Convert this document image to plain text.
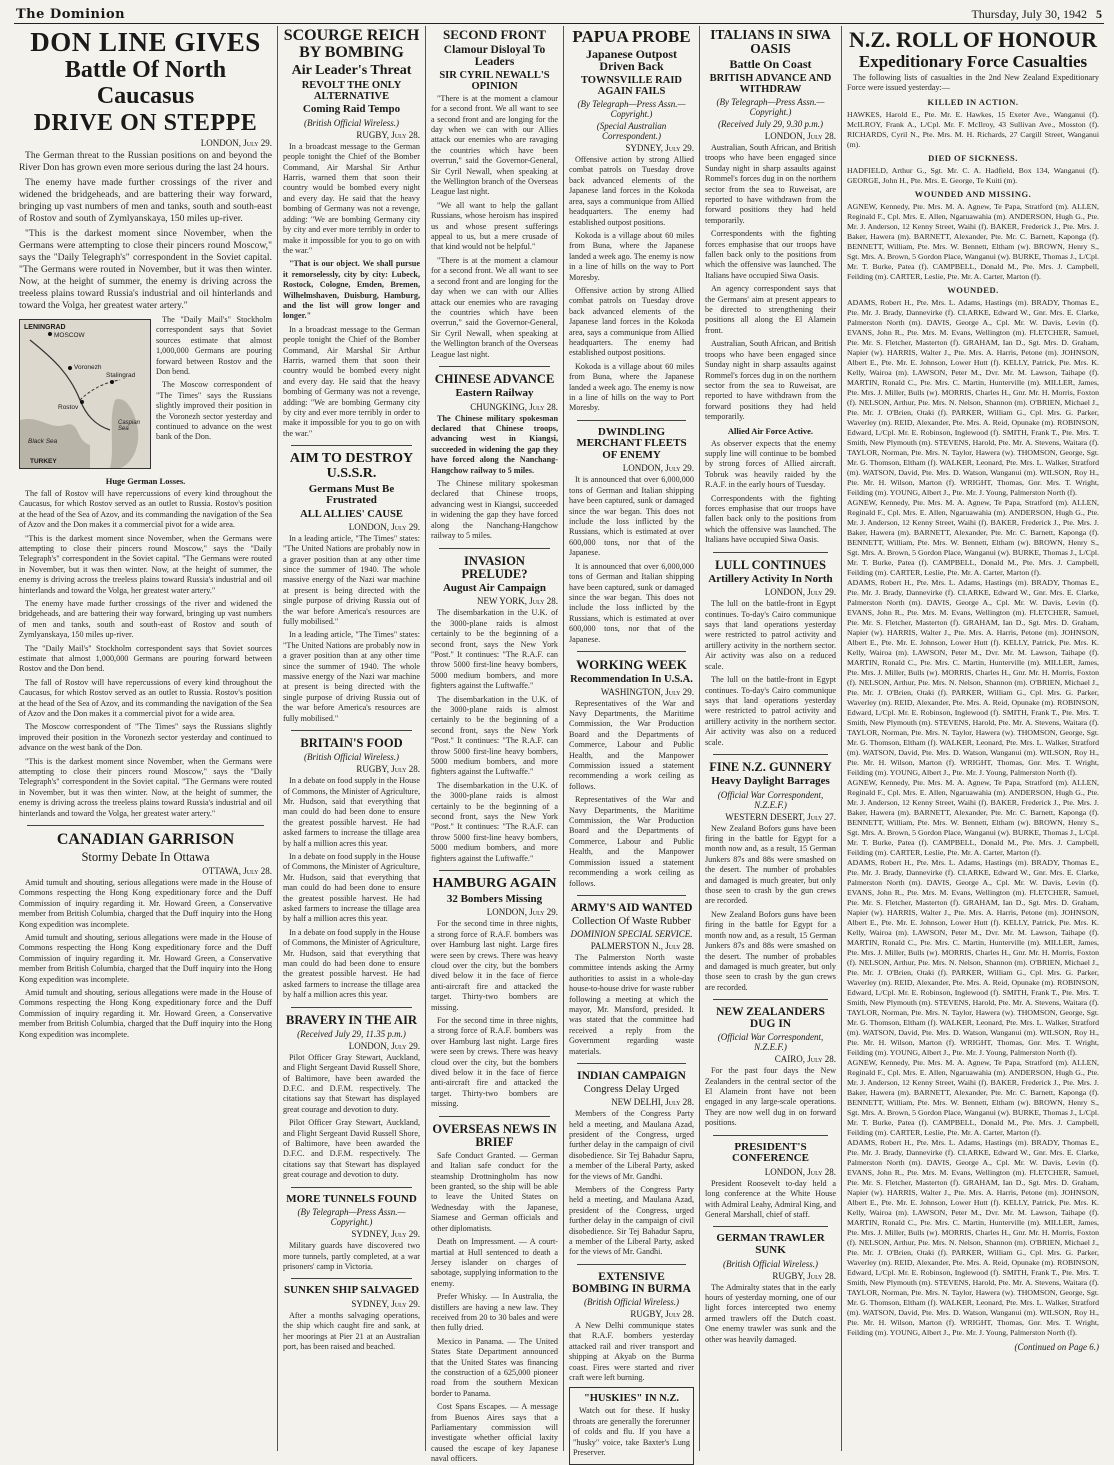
The Dominion	Thursday, July 30, 1942 5
DON LINE GIVES
Battle Of North Caucasus
DRIVE ON STEPPE
LONDON, July 29.

The German threat to the Russian positions on and beyond the River Don has grown even more serious during the last 24 hours.

The enemy have made further crossings of the river and widened the bridgeheads, and are battering their way forward, bringing up vast numbers of men and tanks, south and south-east of Rostov and south of Zymlyanskaya, 150 miles up-river.

"This is the darkest moment since November, when the Germans were attempting to close their pincers round Moscow," says the "Daily Telegraph's" correspondent in the Soviet capital. "The Germans were routed in November, but it was then winter. Now, at the height of summer, the enemy is driving across the treeless plains toward Russia's industrial and oil hinterlands and toward the Volga, her greatest water artery."

LENINGRAD
MOSCOW
Voronezh
Rostov
Stalingrad
Black Sea
Caspian Sea
TURKEY

The "Daily Mail's" Stockholm correspondent says that Soviet sources estimate that almost 1,000,000 Germans are pouring forward between Rostov and the Don bend.

The Moscow correspondent of "The Times" says the Russians slightly improved their position in the Voronezh sector yesterday and continued to advance on the west bank of the Don.

Huge German Losses.

The fall of Rostov will have repercussions of every kind throughout the Caucasus, for which Rostov served as an outlet to Russia. Rostov's position at the head of the Sea of Azov, and its commanding the navigation of the Sea of Azov and the Don makes it a commercial pivot for a wide area.

"This is the darkest moment since November, when the Germans were attempting to close their pincers round Moscow," says the "Daily Telegraph's" correspondent in the Soviet capital. "The Germans were routed in November, but it was then winter. Now, at the height of summer, the enemy is driving across the treeless plains toward Russia's industrial and oil hinterlands and toward the Volga, her greatest water artery."

The enemy have made further crossings of the river and widened the bridgeheads, and are battering their way forward, bringing up vast numbers of men and tanks, south and south-east of Rostov and south of Zymlyanskaya, 150 miles up-river.

The "Daily Mail's" Stockholm correspondent says that Soviet sources estimate that almost 1,000,000 Germans are pouring forward between Rostov and the Don bend.

The fall of Rostov will have repercussions of every kind throughout the Caucasus, for which Rostov served as an outlet to Russia. Rostov's position at the head of the Sea of Azov, and its commanding the navigation of the Sea of Azov and the Don makes it a commercial pivot for a wide area.

The Moscow correspondent of "The Times" says the Russians slightly improved their position in the Voronezh sector yesterday and continued to advance on the west bank of the Don.

"This is the darkest moment since November, when the Germans were attempting to close their pincers round Moscow," says the "Daily Telegraph's" correspondent in the Soviet capital. "The Germans were routed in November, but it was then winter. Now, at the height of summer, the enemy is driving across the treeless plains toward Russia's industrial and oil hinterlands and toward the Volga, her greatest water artery."

CANADIAN GARRISON
Stormy Debate In Ottawa
OTTAWA, July 28.

Amid tumult and shouting, serious allegations were made in the House of Commons respecting the Hong Kong expeditionary force and the Duff Commission of inquiry regarding it. Mr. Howard Green, a Conservative member from British Columbia, charged that the Duff inquiry into the Hong Kong expedition was incomplete.

Amid tumult and shouting, serious allegations were made in the House of Commons respecting the Hong Kong expeditionary force and the Duff Commission of inquiry regarding it. Mr. Howard Green, a Conservative member from British Columbia, charged that the Duff inquiry into the Hong Kong expedition was incomplete.

Amid tumult and shouting, serious allegations were made in the House of Commons respecting the Hong Kong expeditionary force and the Duff Commission of inquiry regarding it. Mr. Howard Green, a Conservative member from British Columbia, charged that the Duff inquiry into the Hong Kong expedition was incomplete.

SCOURGE REICH BY BOMBING
Air Leader's Threat
REVOLT THE ONLY ALTERNATIVE
Coming Raid Tempo
(British Official Wireless.)
RUGBY, July 28.

In a broadcast message to the German people tonight the Chief of the Bomber Command, Air Marshal Sir Arthur Harris, warned them that soon their country would be bombed every night and every day. He said that the heavy bombing of Germany was not a revenge, adding: "We are bombing Germany city by city and ever more terribly in order to make it impossible for you to go on with the war."

"That is our object. We shall pursue it remorselessly, city by city: Lubeck, Rostock, Cologne, Emden, Bremen, Wilhelmshaven, Duisburg, Hamburg, and the list will grow longer and longer."

In a broadcast message to the German people tonight the Chief of the Bomber Command, Air Marshal Sir Arthur Harris, warned them that soon their country would be bombed every night and every day. He said that the heavy bombing of Germany was not a revenge, adding: "We are bombing Germany city by city and ever more terribly in order to make it impossible for you to go on with the war."

AIM TO DESTROY U.S.S.R.
Germans Must Be Frustrated
ALL ALLIES' CAUSE
LONDON, July 29.

In a leading article, "The Times" states: "The United Nations are probably now in a graver position than at any other time since the summer of 1940. The whole massive energy of the Nazi war machine at present is being directed with the single purpose of driving Russia out of the war before America's resources are fully mobilised."

In a leading article, "The Times" states: "The United Nations are probably now in a graver position than at any other time since the summer of 1940. The whole massive energy of the Nazi war machine at present is being directed with the single purpose of driving Russia out of the war before America's resources are fully mobilised."

BRITAIN'S FOOD
(British Official Wireless.)
RUGBY, July 28.

In a debate on food supply in the House of Commons, the Minister of Agriculture, Mr. Hudson, said that everything that man could do had been done to ensure the greatest possible harvest. He had asked farmers to increase the tillage area by half a million acres this year.

In a debate on food supply in the House of Commons, the Minister of Agriculture, Mr. Hudson, said that everything that man could do had been done to ensure the greatest possible harvest. He had asked farmers to increase the tillage area by half a million acres this year.

In a debate on food supply in the House of Commons, the Minister of Agriculture, Mr. Hudson, said that everything that man could do had been done to ensure the greatest possible harvest. He had asked farmers to increase the tillage area by half a million acres this year.

BRAVERY IN THE AIR
(Received July 29, 11.35 p.m.)
LONDON, July 29.

Pilot Officer Gray Stewart, Auckland, and Flight Sergeant David Russell Shore, of Baltimore, have been awarded the D.F.C. and D.F.M. respectively. The citations say that Stewart has displayed great courage and devotion to duty.

Pilot Officer Gray Stewart, Auckland, and Flight Sergeant David Russell Shore, of Baltimore, have been awarded the D.F.C. and D.F.M. respectively. The citations say that Stewart has displayed great courage and devotion to duty.

MORE TUNNELS FOUND
(By Telegraph—Press Assn.—Copyright.)
SYDNEY, July 29.

Military guards have discovered two more tunnels, partly completed, at a war prisoners' camp in Victoria.

SUNKEN SHIP SALVAGED
SYDNEY, July 29.

After a months salvaging operations, the ship which caught fire and sank, at her moorings at Pier 21 at an Australian port, has been raised and beached.

SECOND FRONT
Clamour Disloyal To Leaders
SIR CYRIL NEWALL'S OPINION

"There is at the moment a clamour for a second front. We all want to see a second front and are longing for the day when we can with our Allies attack our enemies who are ravaging the countries which have been overrun," said the Governor-General, Sir Cyril Newall, when speaking at the Wellington branch of the Overseas League last night.

"We all want to help the gallant Russians, whose heroism has inspired us and whose present sufferings appeal to us, but a mere crusade of that kind would not be helpful."

"There is at the moment a clamour for a second front. We all want to see a second front and are longing for the day when we can with our Allies attack our enemies who are ravaging the countries which have been overrun," said the Governor-General, Sir Cyril Newall, when speaking at the Wellington branch of the Overseas League last night.

CHINESE ADVANCE
Eastern Railway
CHUNGKING, July 28.

The Chinese military spokesman declared that Chinese troops, advancing west in Kiangsi, succeeded in widening the gap they have forced along the Nanchang-Hangchow railway to 5 miles.

The Chinese military spokesman declared that Chinese troops, advancing west in Kiangsi, succeeded in widening the gap they have forced along the Nanchang-Hangchow railway to 5 miles.

INVASION PRELUDE?
August Air Campaign
NEW YORK, July 28.

The disembarkation in the U.K. of the 3000-plane raids is almost certainly to be the beginning of a second front, says the New York "Post." It continues: "The R.A.F. can throw 5000 first-line heavy bombers, 5000 medium bombers, and more fighters against the Luftwaffe."

The disembarkation in the U.K. of the 3000-plane raids is almost certainly to be the beginning of a second front, says the New York "Post." It continues: "The R.A.F. can throw 5000 first-line heavy bombers, 5000 medium bombers, and more fighters against the Luftwaffe."

The disembarkation in the U.K. of the 3000-plane raids is almost certainly to be the beginning of a second front, says the New York "Post." It continues: "The R.A.F. can throw 5000 first-line heavy bombers, 5000 medium bombers, and more fighters against the Luftwaffe."

HAMBURG AGAIN
32 Bombers Missing
LONDON, July 29.

For the second time in three nights, a strong force of R.A.F. bombers was over Hamburg last night. Large fires were seen by crews. There was heavy cloud over the city, but the bombers dived below it in the face of fierce anti-aircraft fire and attacked the target. Thirty-two bombers are missing.

For the second time in three nights, a strong force of R.A.F. bombers was over Hamburg last night. Large fires were seen by crews. There was heavy cloud over the city, but the bombers dived below it in the face of fierce anti-aircraft fire and attacked the target. Thirty-two bombers are missing.

OVERSEAS NEWS IN BRIEF

Safe Conduct Granted. — German and Italian safe conduct for the steamship Drottningholm has now been granted, so the ship will be able to leave the United States on Wednesday with the Japanese, Siamese and German officials and other diplomatists.

Death on Impressment. — A court-martial at Hull sentenced to death a Jersey islander on charges of sabotage, supplying information to the enemy.

Prefer Whisky. — In Australia, the distillers are having a new law. They received from 20 to 30 bales and were then fully dried.

Mexico in Panama. — The United States State Department announced that the United States was financing the construction of a 625,000 pioneer road from the southern Mexican border to Panama.

Cost Spans Escapes. — A message from Buenos Aires says that a Parliamentary commission will investigate whether official laxity caused the escape of key Japanese naval officers.

PAPUA PROBE
Japanese Outpost Driven Back
TOWNSVILLE RAID AGAIN FAILS
(By Telegraph—Press Assn.—Copyright.)
(Special Australian Correspondent.)
SYDNEY, July 29.

Offensive action by strong Allied combat patrols on Tuesday drove back advanced elements of the Japanese land forces in the Kokoda area, says a communique from Allied headquarters. The enemy had established outpost positions.

Kokoda is a village about 60 miles from Buna, where the Japanese landed a week ago. The enemy is now in a line of hills on the way to Port Moresby.

Offensive action by strong Allied combat patrols on Tuesday drove back advanced elements of the Japanese land forces in the Kokoda area, says a communique from Allied headquarters. The enemy had established outpost positions.

Kokoda is a village about 60 miles from Buna, where the Japanese landed a week ago. The enemy is now in a line of hills on the way to Port Moresby.

DWINDLING MERCHANT FLEETS OF ENEMY
LONDON, July 29.

It is announced that over 6,000,000 tons of German and Italian shipping have been captured, sunk or damaged since the war began. This does not include the loss inflicted by the Russians, which is estimated at over 600,000 tons, nor that of the Japanese.

It is announced that over 6,000,000 tons of German and Italian shipping have been captured, sunk or damaged since the war began. This does not include the loss inflicted by the Russians, which is estimated at over 600,000 tons, nor that of the Japanese.

WORKING WEEK
Recommendation In U.S.A.
WASHINGTON, July 29.

Representatives of the War and Navy Departments, the Maritime Commission, the War Production Board and the Departments of Commerce, Labour and Public Health, and the Manpower Commission issued a statement recommending a work ceiling as follows.

Representatives of the War and Navy Departments, the Maritime Commission, the War Production Board and the Departments of Commerce, Labour and Public Health, and the Manpower Commission issued a statement recommending a work ceiling as follows.

ARMY'S AID WANTED
Collection Of Waste Rubber
DOMINION SPECIAL SERVICE.
PALMERSTON N., July 28.

The Palmerston North waste committee intends asking the Army authorities to assist in a whole-day house-to-house drive for waste rubber following a meeting at which the mayor, Mr. Mansford, presided. It was stated that the committee had received a reply from the Government regarding waste materials.

INDIAN CAMPAIGN
Congress Delay Urged
NEW DELHI, July 28.

Members of the Congress Party held a meeting, and Maulana Azad, president of the Congress, urged further delay in the campaign of civil disobedience. Sir Tej Bahadur Sapru, a member of the Liberal Party, asked for the views of Mr. Gandhi.

Members of the Congress Party held a meeting, and Maulana Azad, president of the Congress, urged further delay in the campaign of civil disobedience. Sir Tej Bahadur Sapru, a member of the Liberal Party, asked for the views of Mr. Gandhi.

EXTENSIVE BOMBING IN BURMA
(British Official Wireless.)
RUGBY, July 28.

A New Delhi communique states that R.A.F. bombers yesterday attacked rail and river transport and shipping at Akyab on the Burma coast. Fires were started and river craft were left burning.

"HUSKIES" IN N.Z.

Watch out for these. If husky throats are generally the forerunner of colds and flu. If you have a "husky" voice, take Baxter's Lung Preserver.

ITALIANS IN SIWA OASIS
Battle On Coast
BRITISH ADVANCE AND WITHDRAW
(By Telegraph—Press Assn.—Copyright.)
(Received July 29, 9.30 p.m.)
LONDON, July 28.

Australian, South African, and British troops who have been engaged since Sunday night in sharp assaults against Rommel's forces dug in on the northern sector from the sea to Ruweisat, are reported to have withdrawn from the forward positions they had held temporarily.

Correspondents with the fighting forces emphasise that our troops have fallen back only to the positions from which the offensive was launched. The Italians have occupied Siwa Oasis.

An agency correspondent says that the Germans' aim at present appears to be directed to strengthening their positions all along the El Alamein front.

Australian, South African, and British troops who have been engaged since Sunday night in sharp assaults against Rommel's forces dug in on the northern sector from the sea to Ruweisat, are reported to have withdrawn from the forward positions they had held temporarily.

Allied Air Force Active.

As observer expects that the enemy supply line will continue to be bombed by strong forces of Allied aircraft. Tobruk was heavily raided by the R.A.F. in the early hours of Tuesday.

Correspondents with the fighting forces emphasise that our troops have fallen back only to the positions from which the offensive was launched. The Italians have occupied Siwa Oasis.

LULL CONTINUES
Artillery Activity In North
LONDON, July 29.

The lull on the battle-front in Egypt continues. To-day's Cairo communique says that land operations yesterday were restricted to patrol activity and artillery activity in the northern sector. Air activity was also on a reduced scale.

The lull on the battle-front in Egypt continues. To-day's Cairo communique says that land operations yesterday were restricted to patrol activity and artillery activity in the northern sector. Air activity was also on a reduced scale.

FINE N.Z. GUNNERY
Heavy Daylight Barrages
(Official War Correspondent, N.Z.E.F.)
WESTERN DESERT, July 27.

New Zealand Bofors guns have been firing in the battle for Egypt for a month now and, as a result, 15 German Junkers 87s and 88s were smashed on the desert. The number of probables and damaged is much greater, but only those seen to crash by the gun crews are recorded.

New Zealand Bofors guns have been firing in the battle for Egypt for a month now and, as a result, 15 German Junkers 87s and 88s were smashed on the desert. The number of probables and damaged is much greater, but only those seen to crash by the gun crews are recorded.

NEW ZEALANDERS DUG IN
(Official War Correspondent, N.Z.E.F.)
CAIRO, July 28.

For the past four days the New Zealanders in the central sector of the El Alamein front have not been engaged in any large-scale operations. They are now well dug in on forward positions.

PRESIDENT'S CONFERENCE
LONDON, July 28.

President Roosevelt to-day held a long conference at the White House with Admiral Leahy, Admiral King, and General Marshall, chief of staff.

GERMAN TRAWLER SUNK
(British Official Wireless.)
RUGBY, July 28.

The Admiralty states that in the early hours of yesterday morning, one of our light forces intercepted two enemy armed trawlers off the Dutch coast. One enemy trawler was sunk and the other was heavily damaged.

N.Z. ROLL OF HONOUR
Expeditionary Force Casualties

The following lists of casualties in the 2nd New Zealand Expeditionary Force were issued yesterday:—

KILLED IN ACTION.

HAWKES, Harold E., Pte. Mr. E. Hawkes, 15 Exeter Ave., Wanganui (f). McILROY, Frank A., L/Cpl. Mr. F. McIlroy, 43 Sullivan Ave., Mosston (f). RICHARDS, Cyril N., Pte. Mrs. M. H. Richards, 27 Cargill Street, Wanganui (m).

DIED OF SICKNESS.

HADFIELD, Arthur G., Sgt. Mr. C. A. Hadfield, Box 134, Wanganui (f). GEORGE, John H., Pte. Mrs. E. George, Te Kuiti (m).

WOUNDED AND MISSING.

AGNEW, Kennedy, Pte. Mrs. M. A. Agnew, Te Papa, Stratford (m). ALLEN, Reginald F., Cpl. Mrs. E. Allen, Ngaruawahia (m). ANDERSON, Hugh G., Pte. Mr. J. Anderson, 12 Kenny Street, Waihi (f). BAKER, Frederick J., Pte. Mrs. J. Baker, Hawera (m). BARNETT, Alexander, Pte. Mr. C. Barnett, Kaponga (f). BENNETT, William, Pte. Mrs. W. Bennett, Eltham (w). BROWN, Henry S., Sgt. Mrs. A. Brown, 5 Gordon Place, Wanganui (w). BURKE, Thomas J., L/Cpl. Mr. T. Burke, Patea (f). CAMPBELL, Donald M., Pte. Mrs. J. Campbell, Feilding (m). CARTER, Leslie, Pte. Mr. A. Carter, Marton (f).

WOUNDED.

ADAMS, Robert H., Pte. Mrs. L. Adams, Hastings (m). BRADY, Thomas E., Pte. Mr. J. Brady, Dannevirke (f). CLARKE, Edward W., Gnr. Mrs. E. Clarke, Palmerston North (m). DAVIS, George A., Cpl. Mr. W. Davis, Levin (f). EVANS, John R., Pte. Mrs. M. Evans, Wellington (m). FLETCHER, Samuel, Pte. Mr. S. Fletcher, Masterton (f). GRAHAM, Ian D., Sgt. Mrs. D. Graham, Napier (w). HARRIS, Walter J., Pte. Mrs. A. Harris, Petone (m). JOHNSON, Albert E., Pte. Mr. E. Johnson, Lower Hutt (f). KELLY, Patrick, Pte. Mrs. K. Kelly, Wairoa (m). LAWSON, Peter M., Dvr. Mr. M. Lawson, Taihape (f). MARTIN, Ronald C., Pte. Mrs. C. Martin, Hunterville (m). MILLER, James, Pte. Mrs. J. Miller, Bulls (w). MORRIS, Charles H., Gnr. Mr. H. Morris, Foxton (f). NELSON, Arthur, Pte. Mrs. N. Nelson, Shannon (m). O'BRIEN, Michael J., Pte. Mr. J. O'Brien, Otaki (f). PARKER, William G., Cpl. Mrs. G. Parker, Waverley (m). REID, Alexander, Pte. Mrs. A. Reid, Opunake (m). ROBINSON, Edward, L/Cpl. Mr. E. Robinson, Inglewood (f). SMITH, Frank T., Pte. Mrs. T. Smith, New Plymouth (m). STEVENS, Harold, Pte. Mr. A. Stevens, Waitara (f). TAYLOR, Norman, Pte. Mrs. N. Taylor, Hawera (w). THOMSON, George, Sgt. Mr. G. Thomson, Eltham (f). WALKER, Leonard, Pte. Mrs. L. Walker, Stratford (m). WATSON, David, Pte. Mrs. D. Watson, Wanganui (m). WILSON, Roy H., Pte. Mr. H. Wilson, Marton (f). WRIGHT, Thomas, Gnr. Mrs. T. Wright, Feilding (m). YOUNG, Albert J., Pte. Mr. J. Young, Palmerston North (f).

AGNEW, Kennedy, Pte. Mrs. M. A. Agnew, Te Papa, Stratford (m). ALLEN, Reginald F., Cpl. Mrs. E. Allen, Ngaruawahia (m). ANDERSON, Hugh G., Pte. Mr. J. Anderson, 12 Kenny Street, Waihi (f). BAKER, Frederick J., Pte. Mrs. J. Baker, Hawera (m). BARNETT, Alexander, Pte. Mr. C. Barnett, Kaponga (f). BENNETT, William, Pte. Mrs. W. Bennett, Eltham (w). BROWN, Henry S., Sgt. Mrs. A. Brown, 5 Gordon Place, Wanganui (w). BURKE, Thomas J., L/Cpl. Mr. T. Burke, Patea (f). CAMPBELL, Donald M., Pte. Mrs. J. Campbell, Feilding (m). CARTER, Leslie, Pte. Mr. A. Carter, Marton (f).

ADAMS, Robert H., Pte. Mrs. L. Adams, Hastings (m). BRADY, Thomas E., Pte. Mr. J. Brady, Dannevirke (f). CLARKE, Edward W., Gnr. Mrs. E. Clarke, Palmerston North (m). DAVIS, George A., Cpl. Mr. W. Davis, Levin (f). EVANS, John R., Pte. Mrs. M. Evans, Wellington (m). FLETCHER, Samuel, Pte. Mr. S. Fletcher, Masterton (f). GRAHAM, Ian D., Sgt. Mrs. D. Graham, Napier (w). HARRIS, Walter J., Pte. Mrs. A. Harris, Petone (m). JOHNSON, Albert E., Pte. Mr. E. Johnson, Lower Hutt (f). KELLY, Patrick, Pte. Mrs. K. Kelly, Wairoa (m). LAWSON, Peter M., Dvr. Mr. M. Lawson, Taihape (f). MARTIN, Ronald C., Pte. Mrs. C. Martin, Hunterville (m). MILLER, James, Pte. Mrs. J. Miller, Bulls (w). MORRIS, Charles H., Gnr. Mr. H. Morris, Foxton (f). NELSON, Arthur, Pte. Mrs. N. Nelson, Shannon (m). O'BRIEN, Michael J., Pte. Mr. J. O'Brien, Otaki (f). PARKER, William G., Cpl. Mrs. G. Parker, Waverley (m). REID, Alexander, Pte. Mrs. A. Reid, Opunake (m). ROBINSON, Edward, L/Cpl. Mr. E. Robinson, Inglewood (f). SMITH, Frank T., Pte. Mrs. T. Smith, New Plymouth (m). STEVENS, Harold, Pte. Mr. A. Stevens, Waitara (f). TAYLOR, Norman, Pte. Mrs. N. Taylor, Hawera (w). THOMSON, George, Sgt. Mr. G. Thomson, Eltham (f). WALKER, Leonard, Pte. Mrs. L. Walker, Stratford (m). WATSON, David, Pte. Mrs. D. Watson, Wanganui (m). WILSON, Roy H., Pte. Mr. H. Wilson, Marton (f). WRIGHT, Thomas, Gnr. Mrs. T. Wright, Feilding (m). YOUNG, Albert J., Pte. Mr. J. Young, Palmerston North (f).

AGNEW, Kennedy, Pte. Mrs. M. A. Agnew, Te Papa, Stratford (m). ALLEN, Reginald F., Cpl. Mrs. E. Allen, Ngaruawahia (m). ANDERSON, Hugh G., Pte. Mr. J. Anderson, 12 Kenny Street, Waihi (f). BAKER, Frederick J., Pte. Mrs. J. Baker, Hawera (m). BARNETT, Alexander, Pte. Mr. C. Barnett, Kaponga (f). BENNETT, William, Pte. Mrs. W. Bennett, Eltham (w). BROWN, Henry S., Sgt. Mrs. A. Brown, 5 Gordon Place, Wanganui (w). BURKE, Thomas J., L/Cpl. Mr. T. Burke, Patea (f). CAMPBELL, Donald M., Pte. Mrs. J. Campbell, Feilding (m). CARTER, Leslie, Pte. Mr. A. Carter, Marton (f).

ADAMS, Robert H., Pte. Mrs. L. Adams, Hastings (m). BRADY, Thomas E., Pte. Mr. J. Brady, Dannevirke (f). CLARKE, Edward W., Gnr. Mrs. E. Clarke, Palmerston North (m). DAVIS, George A., Cpl. Mr. W. Davis, Levin (f). EVANS, John R., Pte. Mrs. M. Evans, Wellington (m). FLETCHER, Samuel, Pte. Mr. S. Fletcher, Masterton (f). GRAHAM, Ian D., Sgt. Mrs. D. Graham, Napier (w). HARRIS, Walter J., Pte. Mrs. A. Harris, Petone (m). JOHNSON, Albert E., Pte. Mr. E. Johnson, Lower Hutt (f). KELLY, Patrick, Pte. Mrs. K. Kelly, Wairoa (m). LAWSON, Peter M., Dvr. Mr. M. Lawson, Taihape (f). MARTIN, Ronald C., Pte. Mrs. C. Martin, Hunterville (m). MILLER, James, Pte. Mrs. J. Miller, Bulls (w). MORRIS, Charles H., Gnr. Mr. H. Morris, Foxton (f). NELSON, Arthur, Pte. Mrs. N. Nelson, Shannon (m). O'BRIEN, Michael J., Pte. Mr. J. O'Brien, Otaki (f). PARKER, William G., Cpl. Mrs. G. Parker, Waverley (m). REID, Alexander, Pte. Mrs. A. Reid, Opunake (m). ROBINSON, Edward, L/Cpl. Mr. E. Robinson, Inglewood (f). SMITH, Frank T., Pte. Mrs. T. Smith, New Plymouth (m). STEVENS, Harold, Pte. Mr. A. Stevens, Waitara (f). TAYLOR, Norman, Pte. Mrs. N. Taylor, Hawera (w). THOMSON, George, Sgt. Mr. G. Thomson, Eltham (f). WALKER, Leonard, Pte. Mrs. L. Walker, Stratford (m). WATSON, David, Pte. Mrs. D. Watson, Wanganui (m). WILSON, Roy H., Pte. Mr. H. Wilson, Marton (f). WRIGHT, Thomas, Gnr. Mrs. T. Wright, Feilding (m). YOUNG, Albert J., Pte. Mr. J. Young, Palmerston North (f).

AGNEW, Kennedy, Pte. Mrs. M. A. Agnew, Te Papa, Stratford (m). ALLEN, Reginald F., Cpl. Mrs. E. Allen, Ngaruawahia (m). ANDERSON, Hugh G., Pte. Mr. J. Anderson, 12 Kenny Street, Waihi (f). BAKER, Frederick J., Pte. Mrs. J. Baker, Hawera (m). BARNETT, Alexander, Pte. Mr. C. Barnett, Kaponga (f). BENNETT, William, Pte. Mrs. W. Bennett, Eltham (w). BROWN, Henry S., Sgt. Mrs. A. Brown, 5 Gordon Place, Wanganui (w). BURKE, Thomas J., L/Cpl. Mr. T. Burke, Patea (f). CAMPBELL, Donald M., Pte. Mrs. J. Campbell, Feilding (m). CARTER, Leslie, Pte. Mr. A. Carter, Marton (f).

ADAMS, Robert H., Pte. Mrs. L. Adams, Hastings (m). BRADY, Thomas E., Pte. Mr. J. Brady, Dannevirke (f). CLARKE, Edward W., Gnr. Mrs. E. Clarke, Palmerston North (m). DAVIS, George A., Cpl. Mr. W. Davis, Levin (f). EVANS, John R., Pte. Mrs. M. Evans, Wellington (m). FLETCHER, Samuel, Pte. Mr. S. Fletcher, Masterton (f). GRAHAM, Ian D., Sgt. Mrs. D. Graham, Napier (w). HARRIS, Walter J., Pte. Mrs. A. Harris, Petone (m). JOHNSON, Albert E., Pte. Mr. E. Johnson, Lower Hutt (f). KELLY, Patrick, Pte. Mrs. K. Kelly, Wairoa (m). LAWSON, Peter M., Dvr. Mr. M. Lawson, Taihape (f). MARTIN, Ronald C., Pte. Mrs. C. Martin, Hunterville (m). MILLER, James, Pte. Mrs. J. Miller, Bulls (w). MORRIS, Charles H., Gnr. Mr. H. Morris, Foxton (f). NELSON, Arthur, Pte. Mrs. N. Nelson, Shannon (m). O'BRIEN, Michael J., Pte. Mr. J. O'Brien, Otaki (f). PARKER, William G., Cpl. Mrs. G. Parker, Waverley (m). REID, Alexander, Pte. Mrs. A. Reid, Opunake (m). ROBINSON, Edward, L/Cpl. Mr. E. Robinson, Inglewood (f). SMITH, Frank T., Pte. Mrs. T. Smith, New Plymouth (m). STEVENS, Harold, Pte. Mr. A. Stevens, Waitara (f). TAYLOR, Norman, Pte. Mrs. N. Taylor, Hawera (w). THOMSON, George, Sgt. Mr. G. Thomson, Eltham (f). WALKER, Leonard, Pte. Mrs. L. Walker, Stratford (m). WATSON, David, Pte. Mrs. D. Watson, Wanganui (m). WILSON, Roy H., Pte. Mr. H. Wilson, Marton (f). WRIGHT, Thomas, Gnr. Mrs. T. Wright, Feilding (m). YOUNG, Albert J., Pte. Mr. J. Young, Palmerston North (f).

(Continued on Page 6.)
